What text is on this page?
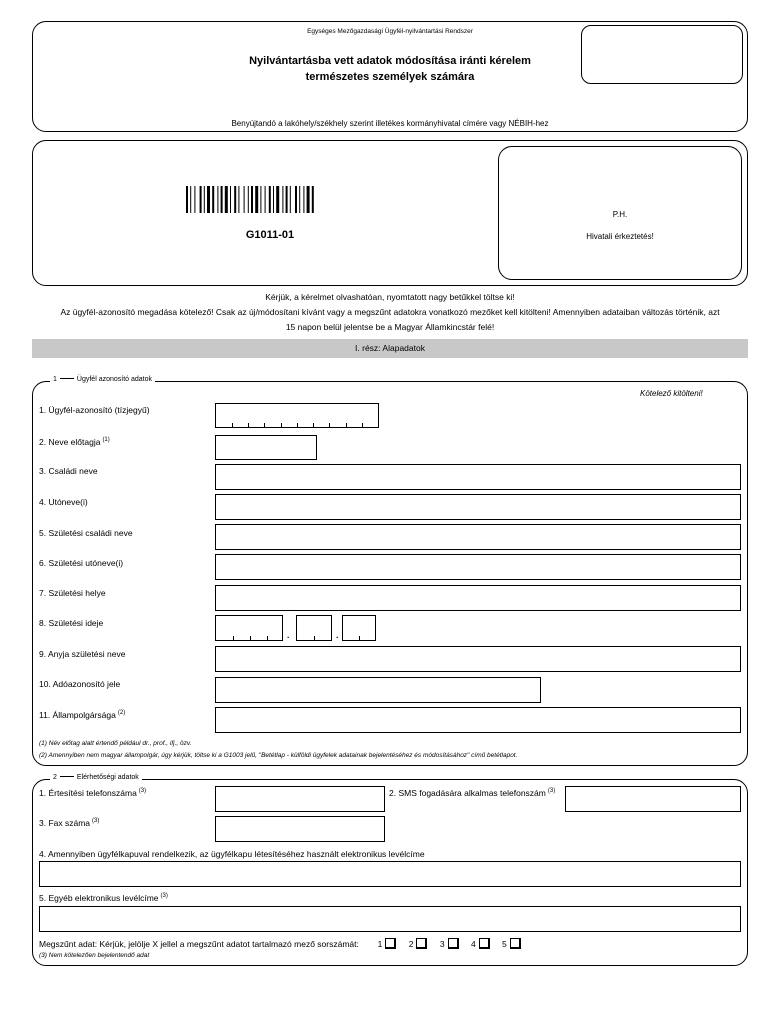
Egységes Mezőgazdasági Ügyfél-nyilvántartási Rendszer
Nyilvántartásba vett adatok módosítása iránti kérelem
természetes személyek számára
Benyújtandó a lakóhely/székhely szerint illetékes kormányhivatal címére vagy NÉBIH-hez
G1011-01
P.H.
Hivatali érkeztetés!
Kérjük, a kérelmet olvashatóan, nyomtatott nagy betűkkel töltse ki!
Az ügyfél-azonosító megadása kötelező! Csak az új/módosítani kívánt vagy a megszűnt adatokra vonatkozó mezőket kell kitölteni! Amennyiben adataiban változás történik, azt
15 napon belül jelentse be a Magyar Államkincstár felé!
I. rész: Alapadatok
1	Ügyfél azonosító adatok
Kötelező kitölteni!
1. Ügyfél-azonosító (tízjegyű)
2. Neve előtagja $^{(1)}$
3. Családi neve
4. Utóneve(i)
5. Születési családi neve
6. Születési utóneve(i)
7. Születési helye
8. Születési ideje
.	.
9. Anyja születési neve
10. Adóazonosító jele
11. Állampolgársága $^{(2)}$
(1) Név előtag alatt értendő például dr., prof., ifj., özv.
(2) Amennyiben nem magyar állampolgár, úgy kérjük, töltse ki a G1003 jelű, "Betétlap - külföldi ügyfelek adatainak bejelentéséhez és módosításához" című betétlapot.
2	Elérhetőségi adatok
1. Értesítési telefonszáma $^{(3)}$	2. SMS fogadására alkalmas telefonszám $^{(3)}$
3. Fax száma $^{(3)}$
4. Amennyiben ügyfélkapuval rendelkezik, az ügyfélkapu létesítéséhez használt elektronikus levélcíme
5. Egyéb elektronikus levélcíme $^{(3)}$
Megszűnt adat: Kérjük, jelölje X jellel a megszűnt adatot tartalmazó mező sorszámát: 1	2	3	4	5
(3) Nem kötelezően bejelentendő adat
